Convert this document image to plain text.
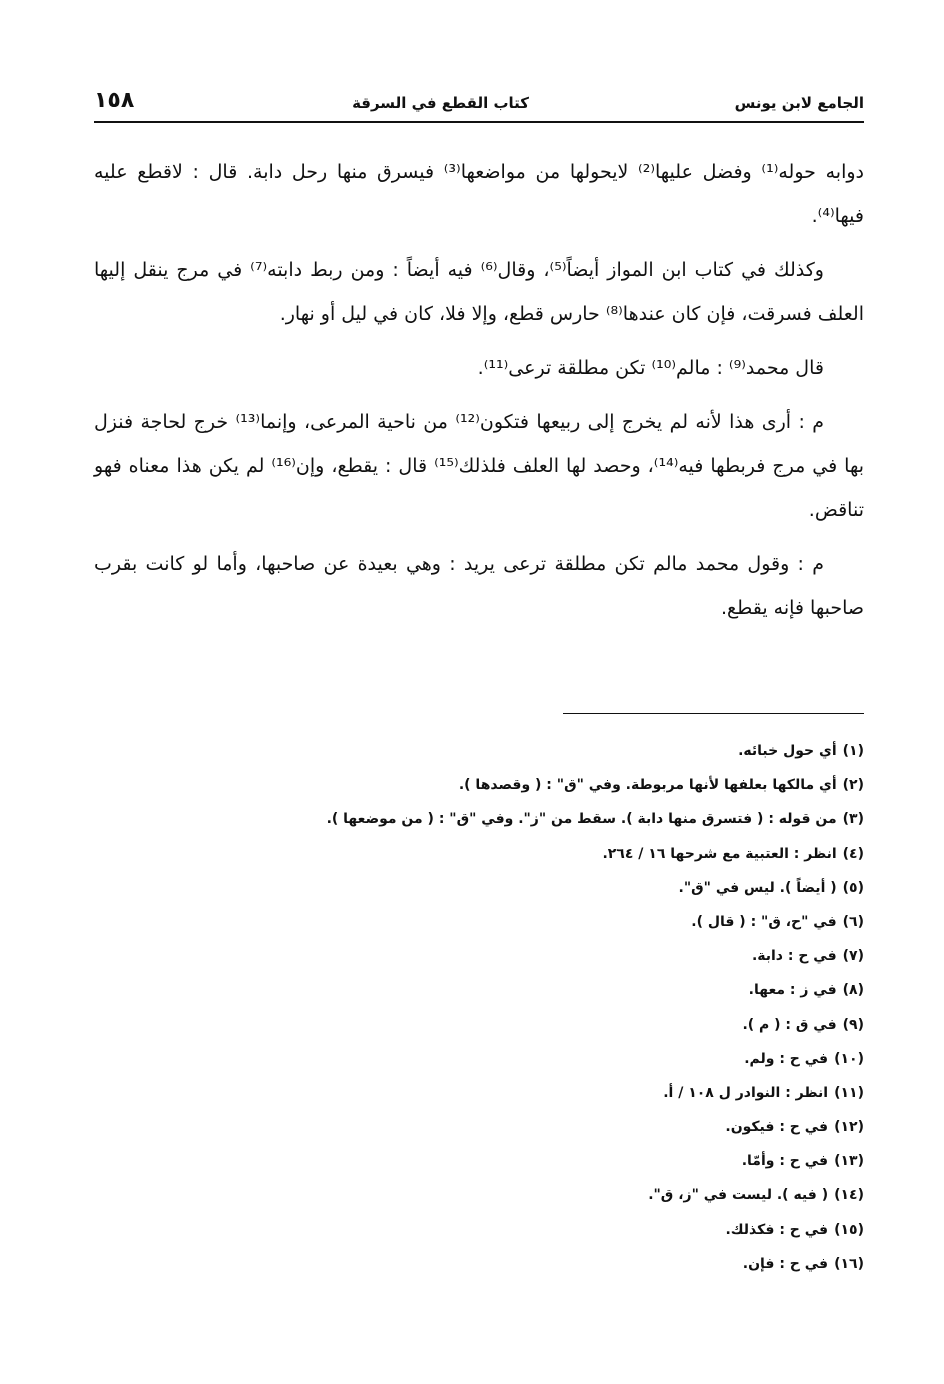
الجامع لابن يونس
كتاب القطع في السرقة
١٥٨

دوابه حوله⁽¹⁾ وفضل عليها⁽²⁾ لايحولها من مواضعها⁽³⁾ فيسرق منها رحل دابة. قال : لاقطع عليه فيها⁽⁴⁾.

وكذلك في كتاب ابن المواز أيضاً⁽⁵⁾، وقال⁽⁶⁾ فيه أيضاً : ومن ربط دابته⁽⁷⁾ في مرج ينقل إليها العلف فسرقت، فإن كان عندها⁽⁸⁾ حارس قطع، وإلا فلا، كان في ليل أو نهار.

قال محمد⁽⁹⁾ : مالم⁽¹⁰⁾ تكن مطلقة ترعى⁽¹¹⁾.

م : أرى هذا لأنه لم يخرج إلى ربيعها فتكون⁽¹²⁾ من ناحية المرعى، وإنما⁽¹³⁾ خرج لحاجة فنزل بها في مرج فربطها فيه⁽¹⁴⁾، وحصد لها العلف فلذلك⁽¹⁵⁾ قال : يقطع، وإن⁽¹⁶⁾ لم يكن هذا معناه فهو تناقض.

م : وقول محمد مالم تكن مطلقة ترعى يريد : وهي بعيدة عن صاحبها، وأما لو كانت بقرب صاحبها فإنه يقطع.

(١)أي حول خبائه.
(٢)أي مالكها بعلفها لأنها مربوطة. وفي "ق" : ( وقصدها ).
(٣)من قوله : ( فتسرق منها دابة ). سقط من "ز". وفي "ق" : ( من موضعها ).
(٤)انظر : العتبية مع شرحها ١٦ / ٢٦٤.
(٥)( أيضاً ). ليس في "ق".
(٦)في "ح، ق" : ( قال ).
(٧)في ح : دابة.
(٨)في ز : معها.
(٩)في ق : ( م ).
(١٠)في ح : ولم.
(١١)انظر : النوادر ل ١٠٨ / أ.
(١٢)في ح : فيكون.
(١٣)في ح : وأمّا.
(١٤)( فيه ). ليست في "ز، ق".
(١٥)في ح : فكذلك.
(١٦)في ح : فإن.
